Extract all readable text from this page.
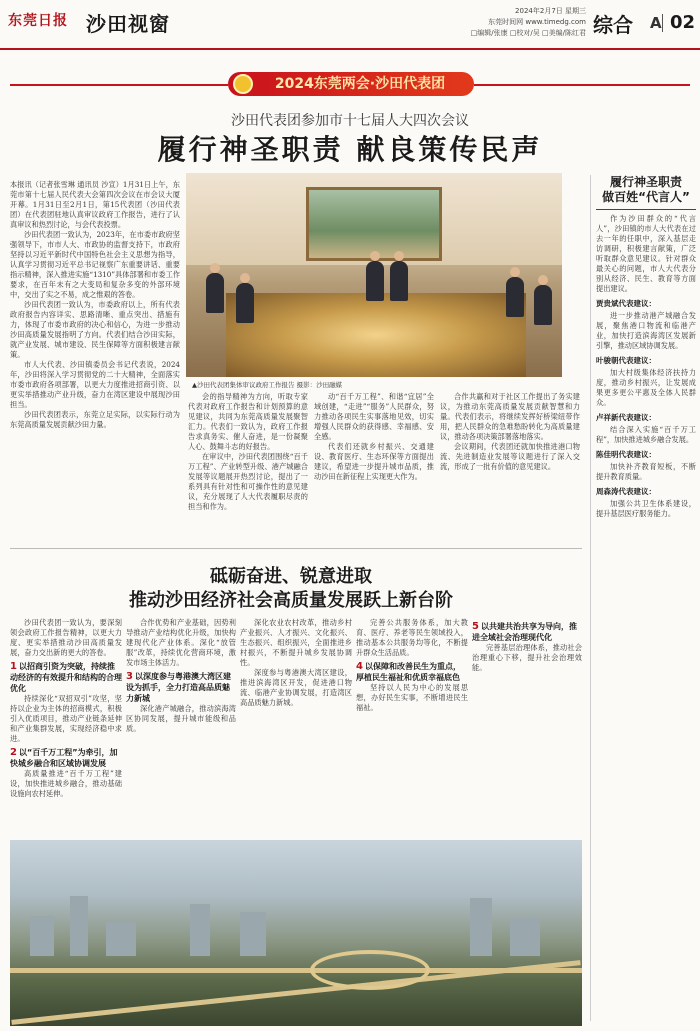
东莞日报 沙田视窗
2024年2月7日 星期三
东莞时间网 www.timedg.com
□编辑/张康 □校对/吴 □美编/陈红君 综合 A 02
2024东莞两会·沙田代表团
沙田代表团参加市十七届人大四次会议
履行神圣职责 献良策传民声

本报讯（记者张雪琳 通讯员 沙宣）1月31日上午，东莞市第十七届人民代表大会第四次会议在市会议大厦开幕。1月31日至2月1日，第15代表团（沙田代表团）在代表团驻地认真审议政府工作报告，进行了认真审议和热烈讨论，与会代表投票。

沙田代表团一致认为，2023年，在市委市政府坚强领导下，市市人大、市政协的监督支持下，市政府坚持以习近平新时代中国特色社会主义思想为指导，认真学习贯彻习近平总书记视察广东重要讲话、重要指示精神，深入推进实施“1310”具体部署和市委工作要求，在百年未有之大变局和复杂多变的外部环境中，交出了实之不易，成之惟艰的答卷。

沙田代表团一致认为，市委政府以上，所有代表政府报告内容详实、思路清晰、重点突出、措施有力，体现了市委市政府的决心和信心，为进一步推动沙田高质量发展指明了方向。代表们结合沙田实际，就产业发展、城市建设、民生保障等方面积极建言献策。

市人大代表、沙田镇委员会书记代表说，2024年，沙田将深入学习贯彻党的二十大精神，全面落实市委市政府各项部署，以更大力度推进招商引资、以更实举措推动产业升级，奋力在湾区建设中展现沙田担当。

沙田代表团表示，东莞立足实际，以实际行动为东莞高质量发展贡献沙田力量。

▲沙田代表团集体审议政府工作报告 摄影：沙田融媒

会的指导精神为方向，听取专家代表对政府工作报告和计划预算的意见建议，共同为东莞高质量发展聚智汇力。代表们一致认为，政府工作报告求真务实、催人奋进，是一份凝聚人心、鼓舞斗志的好报告。

在审议中，沙田代表团围绕“百千万工程”、产业转型升级、港产城融合发展等议题展开热烈讨论，提出了一系列具有针对性和可操作性的意见建议，充分展现了人大代表履职尽责的担当和作为。

动“百千万工程”、和谐“宜居”全域创建，“走进”“服务”人民群众，努力推动各项民生实事落地见效，切实增强人民群众的获得感、幸福感、安全感。

代表们还就乡村振兴、交通建设、教育医疗、生态环保等方面提出建议，希望进一步提升城市品质，推动沙田在新征程上实现更大作为。

合作共赢和对于社区工作提出了务实建议，为推动东莞高质量发展贡献智慧和力量。代表们表示，将继续发挥好桥梁纽带作用，把人民群众的急难愁盼转化为高质量建议，推动各项决策部署落地落实。

会议期间，代表团还就加快推进港口物流、先进制造业发展等议题进行了深入交流，形成了一批有价值的意见建议。

履行神圣职责
做百姓“代言人”

作为沙田群众的“代言人”，沙田镇的市人大代表在过去一年的任职中，深入基层走访调研，积极建言献策，广泛听取群众意见建议。针对群众最关心的问题，市人大代表分别从经济、民生、教育等方面提出建议。

贾贵斌代表建议：

进一步推动港产城融合发展，聚焦港口物流和临港产业，加快打造滨海湾区发展新引擎，推动区域协调发展。

叶骏朝代表建议：

加大村级集体经济扶持力度，推动乡村振兴，让发展成果更多更公平惠及全体人民群众。

卢祥新代表建议：

结合深入实施“百千万工程”，加快推进城乡融合发展。

陈佳明代表建议：

加快补齐教育短板，不断提升教育质量。

周森涛代表建议：

加强公共卫生体系建设，提升基层医疗服务能力。

砥砺奋进、锐意进取
推动沙田经济社会高质量发展跃上新台阶

沙田代表团一致认为，要深刻领会政府工作报告精神，以更大力度、更实举措推动沙田高质量发展，奋力交出新的更大的答卷。

1 以招商引资为突破，持续推动经济的有效提升和结构的合理优化

持续深化“双招双引”攻坚，坚持以企业为主体的招商模式，积极引入优质项目，推动产业链条延伸和产业集群发展，实现经济稳中求进。

2 以“百千万工程”为牵引，加快城乡融合和区域协调发展

高质量推进“百千万工程”建设，加快推进城乡融合，推动基础设施向农村延伸。

合作优势和产业基础，因势利导推动产业结构优化升级，加快构建现代化产业体系。深化“放管服”改革，持续优化营商环境，激发市场主体活力。

3 以深度参与粤港澳大湾区建设为抓手，全力打造高品质魅力新城

深化港产城融合，推动滨海湾区协同发展，提升城市能级和品质。

深化农业农村改革，推动乡村产业振兴、人才振兴、文化振兴、生态振兴、组织振兴，全面推进乡村振兴，不断提升城乡发展协调性。

深度参与粤港澳大湾区建设，推进滨海湾区开发，促进港口物流、临港产业协调发展，打造湾区高品质魅力新城。

完善公共服务体系，加大教育、医疗、养老等民生领域投入，推动基本公共服务均等化，不断提升群众生活品质。

4 以保障和改善民生为重点，厚植民生福祉和优质幸福底色

坚持以人民为中心的发展思想，办好民生实事，不断增进民生福祉。

5 以共建共治共享为导向，推进全域社会治理现代化

完善基层治理体系，推动社会治理重心下移，提升社会治理效能。
